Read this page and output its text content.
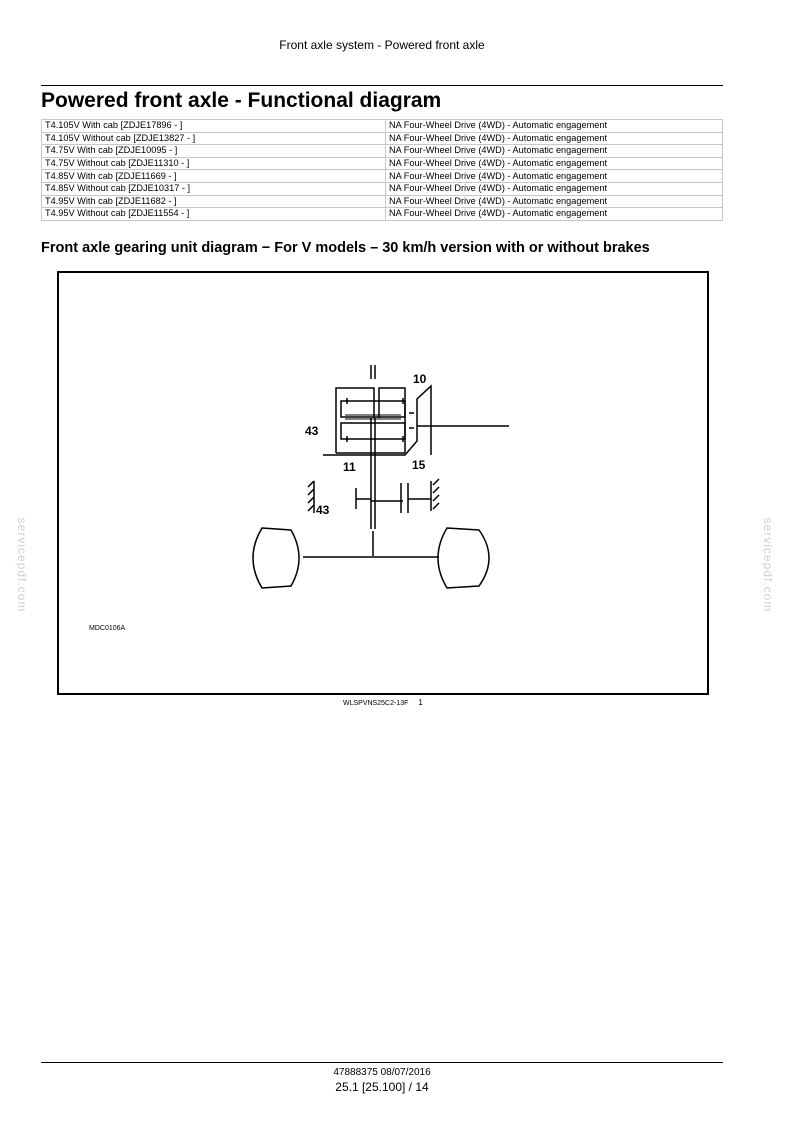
Front axle system - Powered front axle
Powered front axle - Functional diagram
T4.105V With cab [ZDJE17896 - ]	NA Four-Wheel Drive (4WD) - Automatic engagement
T4.105V Without cab [ZDJE13827 - ]	NA Four-Wheel Drive (4WD) - Automatic engagement
T4.75V With cab [ZDJE10095 - ]	NA Four-Wheel Drive (4WD) - Automatic engagement
T4.75V Without cab [ZDJE11310 - ]	NA Four-Wheel Drive (4WD) - Automatic engagement
T4.85V With cab [ZDJE11669 - ]	NA Four-Wheel Drive (4WD) - Automatic engagement
T4.85V Without cab [ZDJE10317 - ]	NA Four-Wheel Drive (4WD) - Automatic engagement
T4.95V With cab [ZDJE11682 - ]	NA Four-Wheel Drive (4WD) - Automatic engagement
T4.95V Without cab [ZDJE11554 - ]	NA Four-Wheel Drive (4WD) - Automatic engagement
Front axle gearing unit diagram − For V models – 30 km/h version with or without brakes
10
43
11	15
43
MDC0106A
WLSPVNS25C2-13F 1
servicepdf.com	servicepdf.com
47888375 08/07/2016
25.1 [25.100] / 14
